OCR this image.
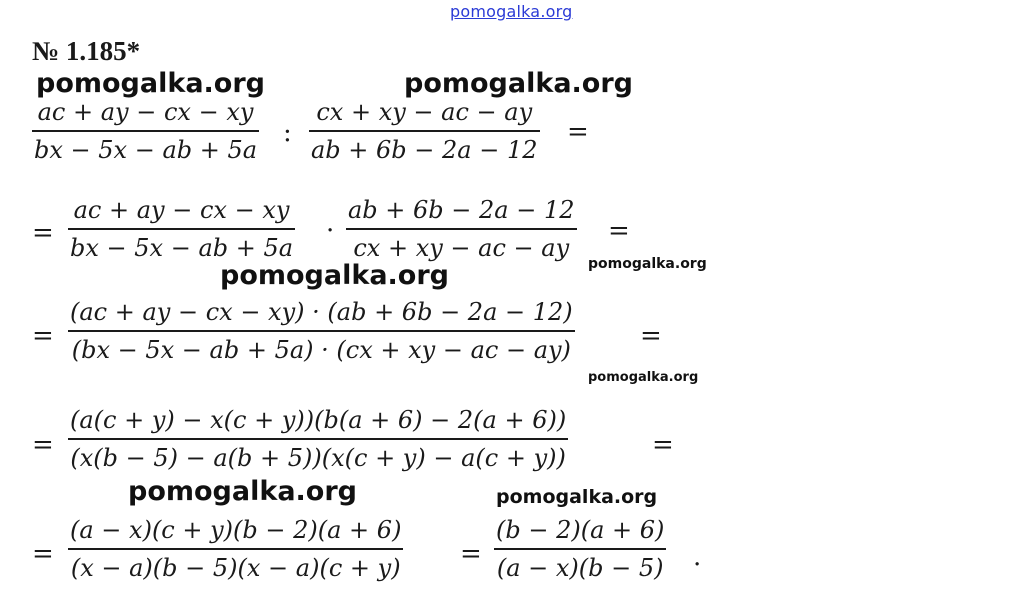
pomogalka.org
№ 1.185*
ac + ay − cx − xy
bx − 5x − ab + 5a
:
cx + xy − ac − ay
ab + 6b − 2a − 12
=
=
ac + ay − cx − xy
bx − 5x − ab + 5a
·
ab + 6b − 2a − 12
cx + xy − ac − ay
=
=
(ac + ay − cx − xy) · (ab + 6b − 2a − 12)
(bx − 5x − ab + 5a) · (cx + xy − ac − ay)	=
=
(a(c + y) − x(c + y))(b(a + 6) − 2(a + 6))
(x(b − 5) − a(b + 5))(x(c + y) − a(c + y))	=
=
(a − x)(c + y)(b − 2)(a + 6)
(x − a)(b − 5)(x − a)(c + y) =
(b − 2)(a + 6)
(a − x)(b − 5) .
pomogalka.org	pomogalka.org
pomogalka.org
pomogalka.org
pomogalka.org
pomogalka.org	pomogalka.org
